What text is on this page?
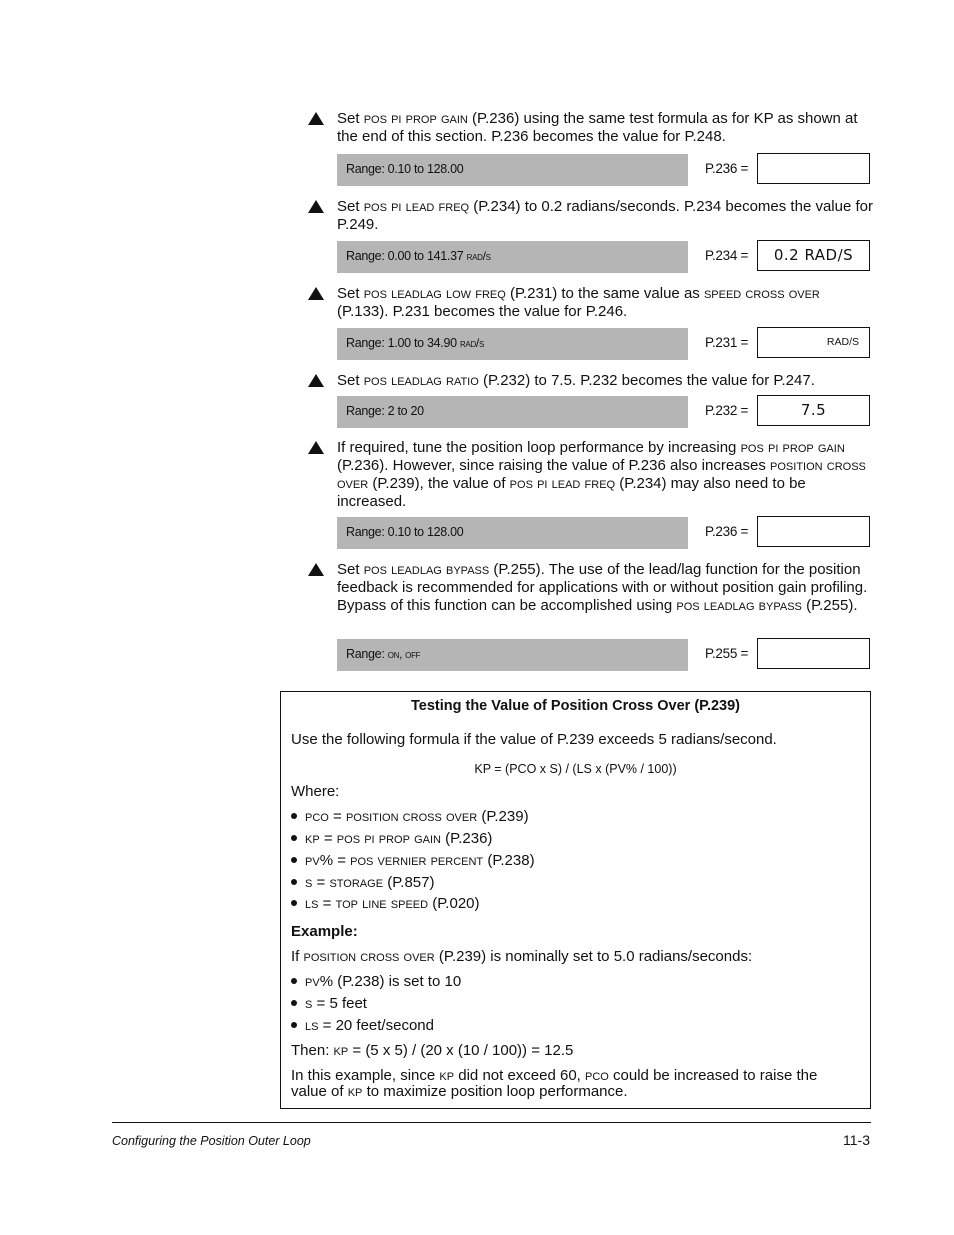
Set pos pi prop gain (P.236) using the same test formula as for KP as shown at the end of this section. P.236 becomes the value for P.248.
Range: 0.10 to 128.00	P.236 =
Set pos pi lead freq (P.234) to 0.2 radians/seconds. P.234 becomes the value for P.249.
Range: 0.00 to 141.37 rad/s	P.234 =	0.2 RAD/S
Set pos leadlag low freq (P.231) to the same value as speed cross over (P.133). P.231 becomes the value for P.246.
Range: 1.00 to 34.90 rad/s	P.231 =	RAD/S
Set pos leadlag ratio (P.232) to 7.5. P.232 becomes the value for P.247.
Range: 2 to 20	P.232 =	7.5
If required, tune the position loop performance by increasing pos pi prop gain (P.236). However, since raising the value of P.236 also increases position cross over (P.239), the value of pos pi lead freq (P.234) may also need to be increased.
Range: 0.10 to 128.00	P.236 =
Set pos leadlag bypass (P.255). The use of the lead/lag function for the position feedback is recommended for applications with or without position gain profiling. Bypass of this function can be accomplished using pos leadlag bypass (P.255).
Range: on, off	P.255 =
Testing the Value of Position Cross Over (P.239)
Use the following formula if the value of P.239 exceeds 5 radians/second.
KP = (PCO x S) / (LS x (PV% / 100))
Where:
pco = position cross over (P.239)
kp = pos pi prop gain (P.236)
pv% = pos vernier percent (P.238)
s = storage (P.857)
ls = top line speed (P.020)
Example:
If position cross over (P.239) is nominally set to 5.0 radians/seconds:
pv% (P.238) is set to 10
s = 5 feet
ls = 20 feet/second
Then: kp = (5 x 5) / (20 x (10 / 100)) = 12.5
In this example, since kp did not exceed 60, pco could be increased to raise the value of kp to maximize position loop performance.
Configuring the Position Outer Loop	11-3
